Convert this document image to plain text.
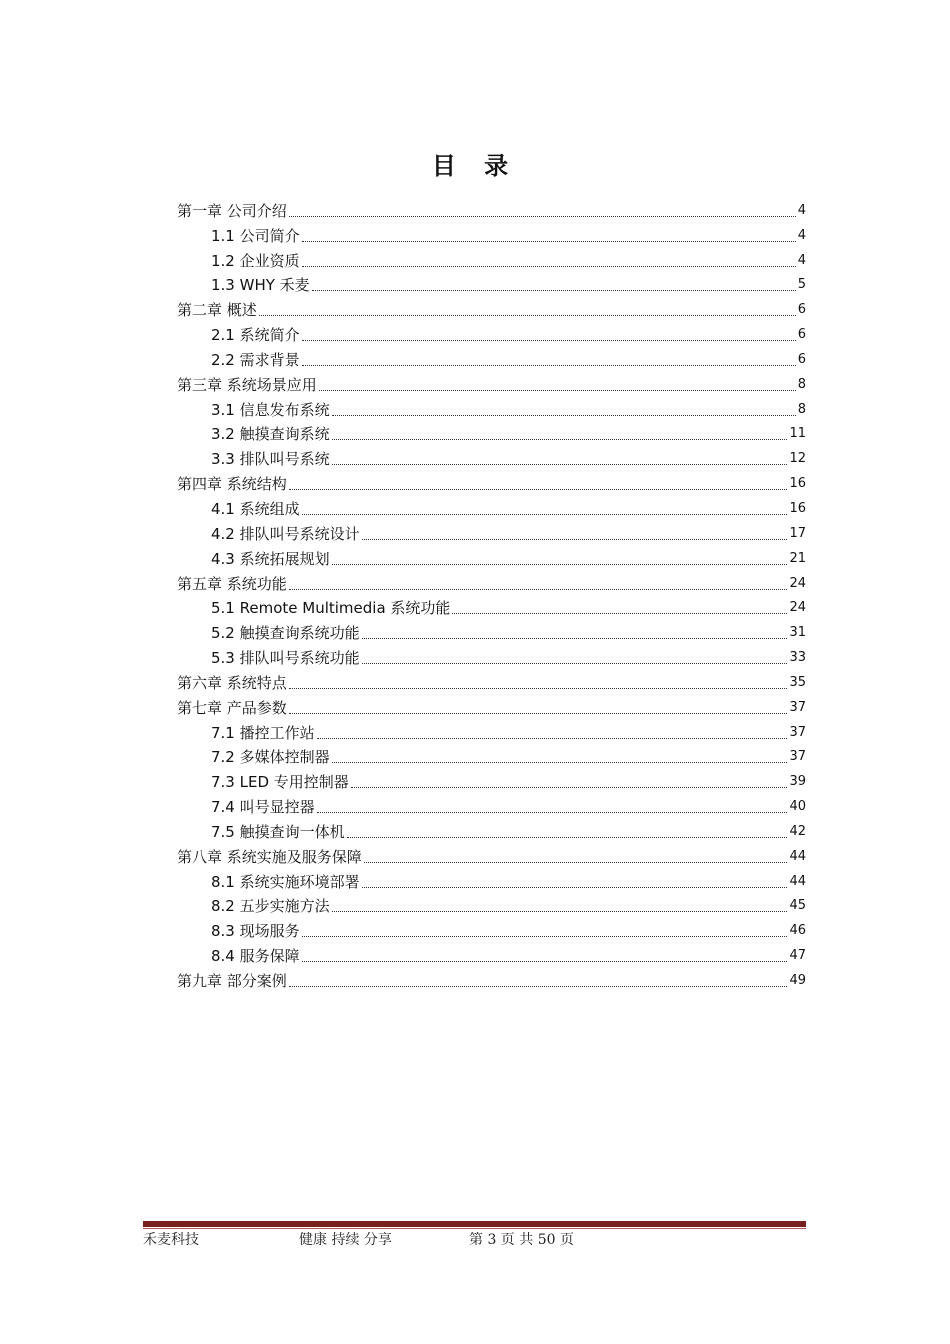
目 录
第一章 公司介绍	4
1.1 公司简介	4
1.2 企业资质	4
1.3 WHY 禾麦	5
第二章 概述	6
2.1 系统简介	6
2.2 需求背景	6
第三章 系统场景应用	8
3.1 信息发布系统	8
3.2 触摸查询系统	11
3.3 排队叫号系统	12
第四章 系统结构	16
4.1 系统组成	16
4.2 排队叫号系统设计	17
4.3 系统拓展规划	21
第五章 系统功能	24
5.1 Remote Multimedia 系统功能	24
5.2 触摸查询系统功能	31
5.3 排队叫号系统功能	33
第六章 系统特点	35
第七章 产品参数	37
7.1 播控工作站	37
7.2 多媒体控制器	37
7.3 LED 专用控制器	39
7.4 叫号显控器	40
7.5 触摸查询一体机	42
第八章 系统实施及服务保障	44
8.1 系统实施环境部署	44
8.2 五步实施方法	45
8.3 现场服务	46
8.4 服务保障	47
第九章 部分案例	49
禾麦科技	健康 持续 分享	第 3 页 共 50 页
